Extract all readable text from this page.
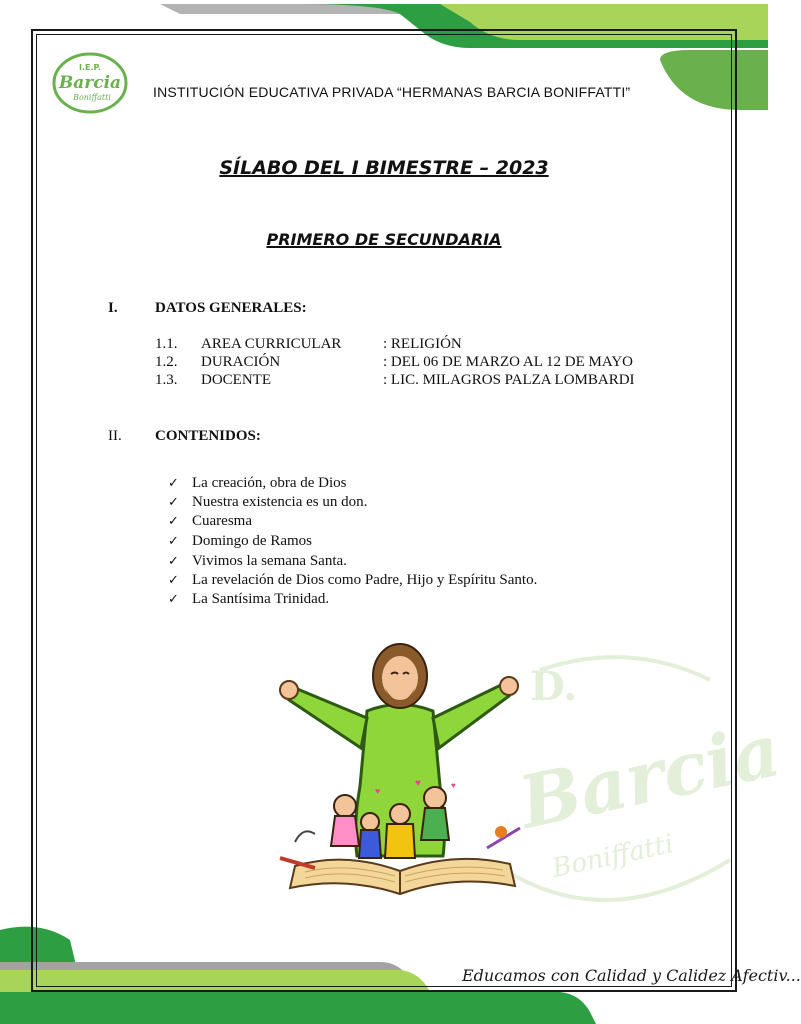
I.E.P.
Barcia
Boniffatti	INSTITUCIÓN EDUCATIVA PRIVADA “HERMANAS BARCIA BONIFFATTI”
SÍLABO DEL I BIMESTRE – 2023
PRIMERO DE SECUNDARIA
I. DATOS GENERALES:
1.1. AREA CURRICULAR	: RELIGIÓN
1.2. DURACIÓN	: DEL 06 DE MARZO AL 12 DE MAYO
1.3. DOCENTE	: LIC. MILAGROS PALZA LOMBARDI
II. CONTENIDOS:
✓ La creación, obra de Dios
✓ Nuestra existencia es un don.
✓ Cuaresma
✓ Domingo de Ramos
✓ Vivimos la semana Santa.
✓ La revelación de Dios como Padre, Hijo y Espíritu Santo.
✓ La Santísima Trinidad.
D.
Barcia
Boniffatti
♥
♥
♥
Educamos con Calidad y Calidez Afectiv...
